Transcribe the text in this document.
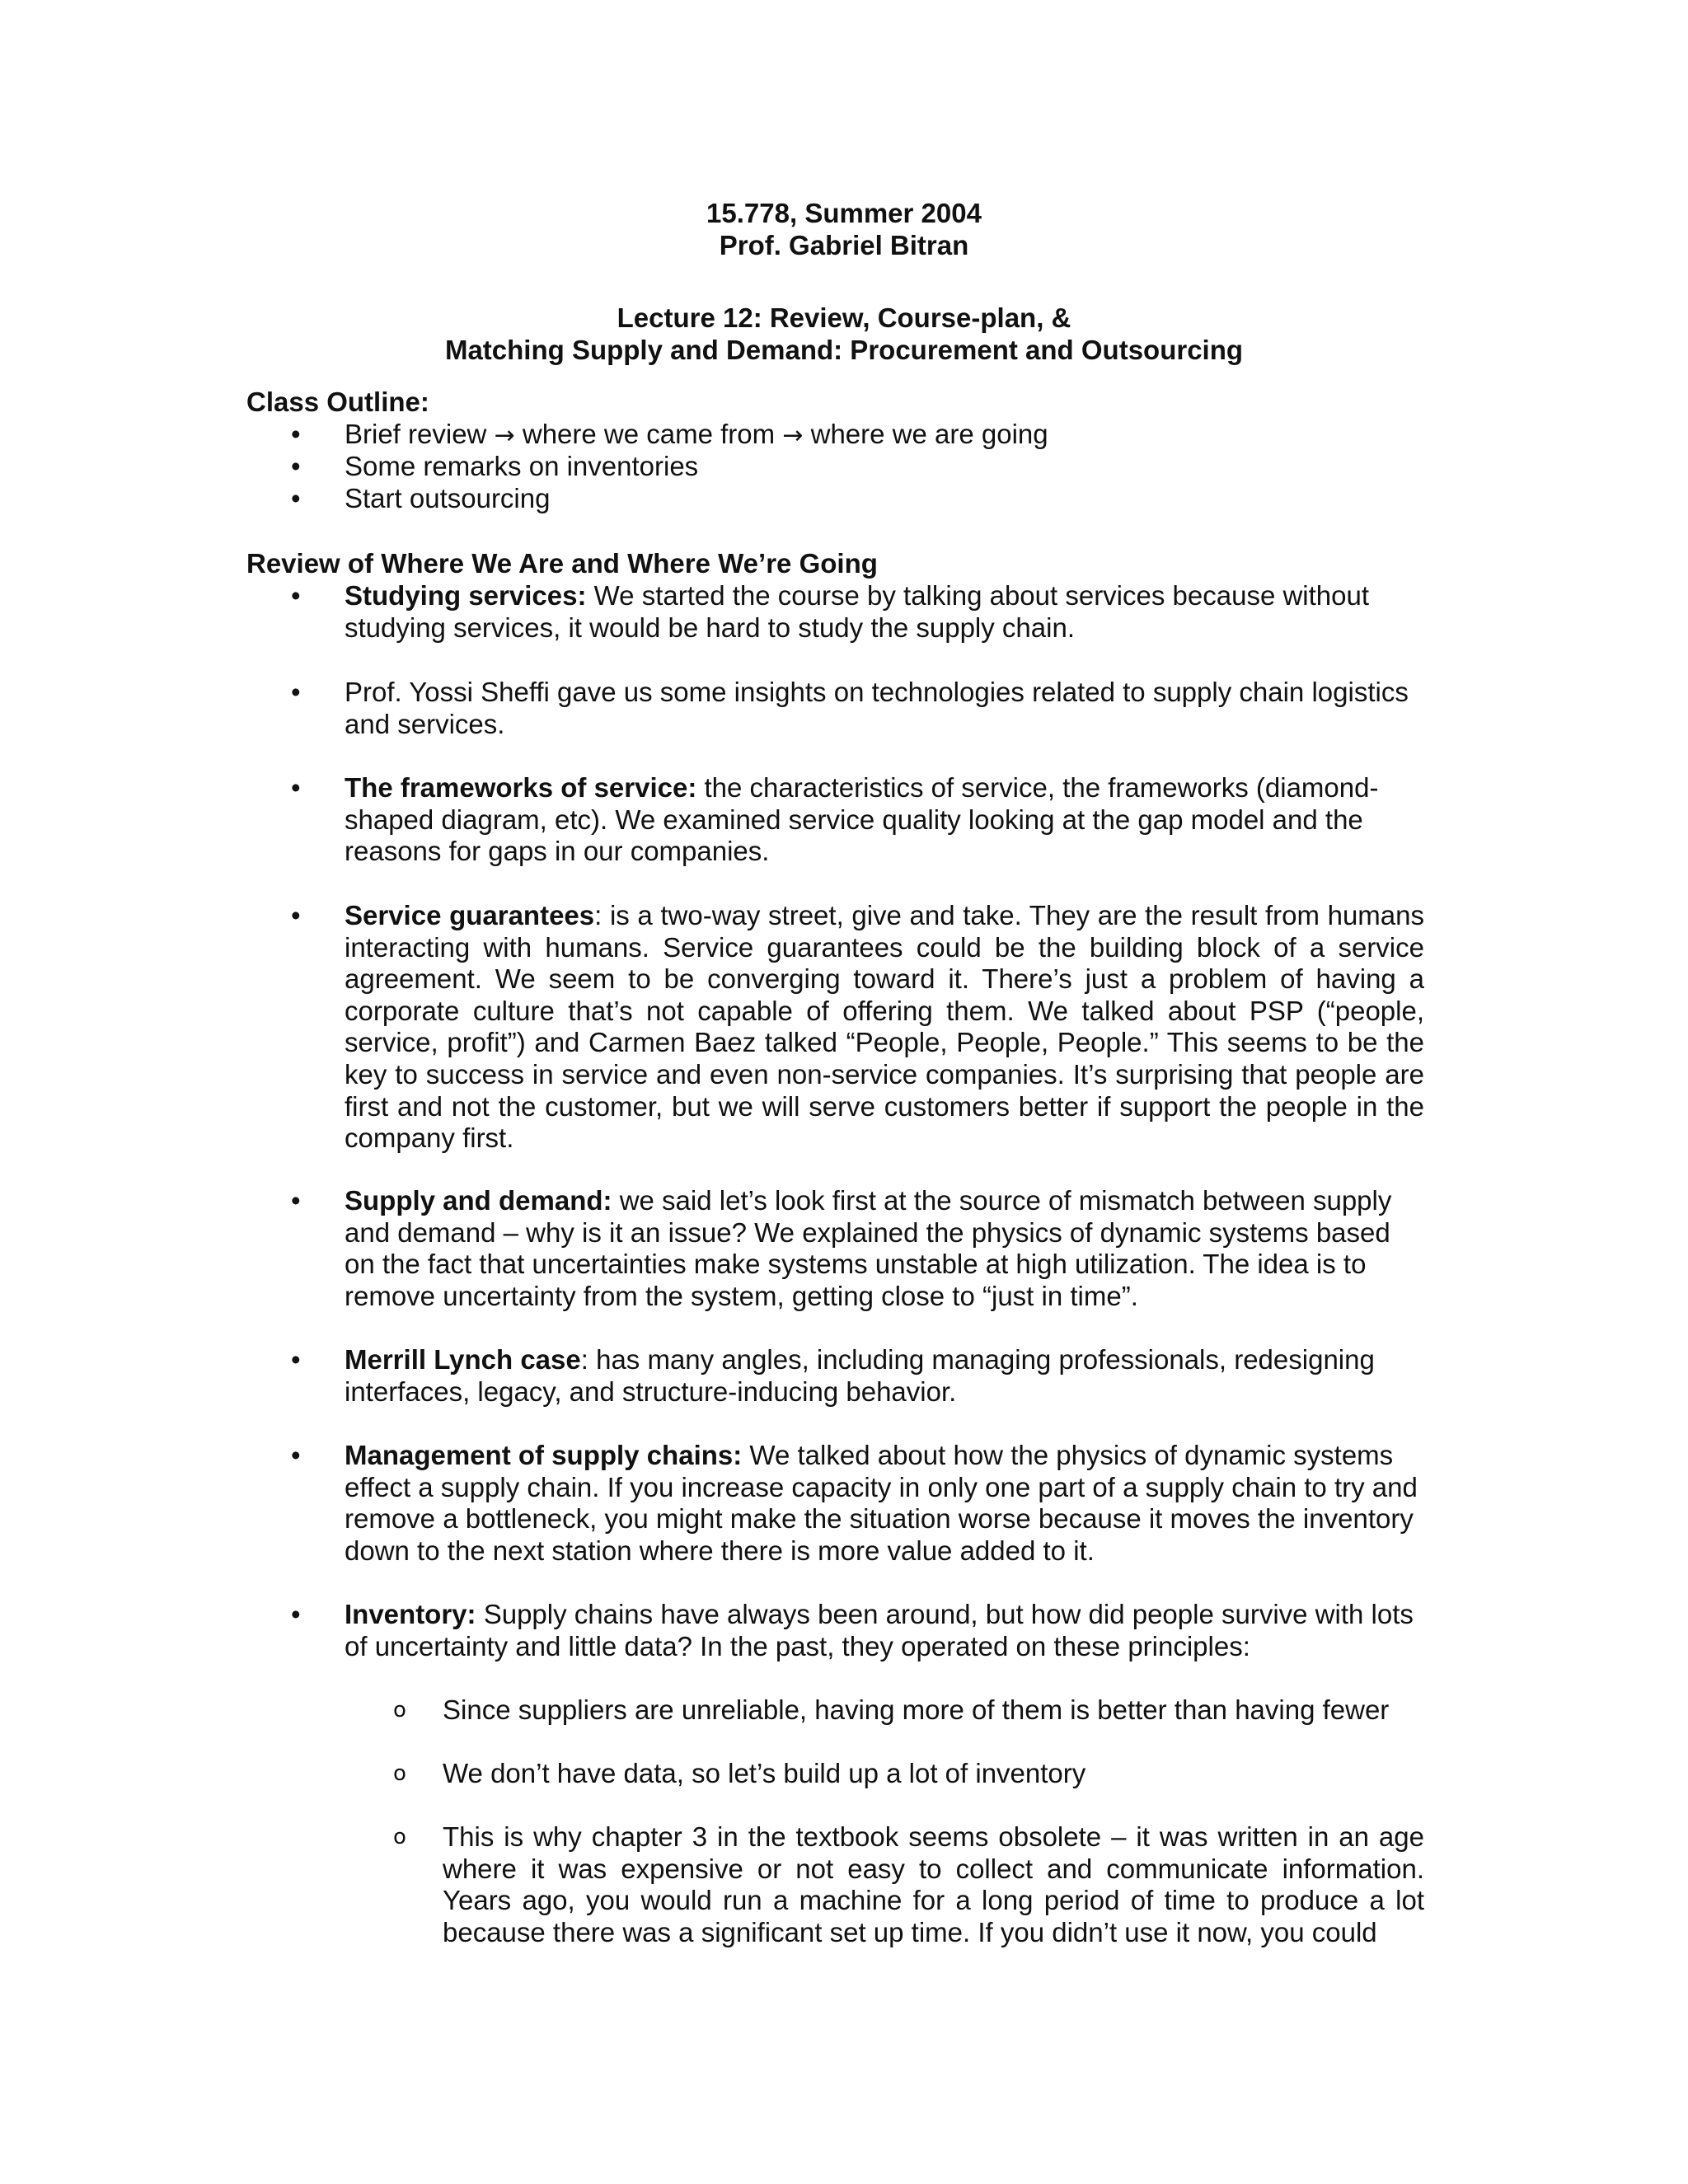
15.778, Summer 2004

Prof. Gabriel Bitran

Lecture 12: Review, Course-plan, &

Matching Supply and Demand: Procurement and Outsourcing

Class Outline:

• Brief review → where we came from → where we are going
• Some remarks on inventories
• Start outsourcing

Review of Where We Are and Where We’re Going

• Studying services: We started the course by talking about services because without studying services, it would be hard to study the supply chain.

• Prof. Yossi Sheffi gave us some insights on technologies related to supply chain logistics and services.

• The frameworks of service: the characteristics of service, the frameworks (diamond-shaped diagram, etc). We examined service quality looking at the gap model and the reasons for gaps in our companies.

• Service guarantees: is a two-way street, give and take. They are the result from humans interacting with humans. Service guarantees could be the building block of a service agreement. We seem to be converging toward it. There’s just a problem of having a corporate culture that’s not capable of offering them. We talked about PSP (“people, service, profit”) and Carmen Baez talked “People, People, People.” This seems to be the key to success in service and even non-service companies. It’s surprising that people are first and not the customer, but we will serve customers better if support the people in the company first.

• Supply and demand: we said let’s look first at the source of mismatch between supply and demand – why is it an issue? We explained the physics of dynamic systems based on the fact that uncertainties make systems unstable at high utilization. The idea is to remove uncertainty from the system, getting close to “just in time”.

• Merrill Lynch case: has many angles, including managing professionals, redesigning interfaces, legacy, and structure-inducing behavior.

• Management of supply chains: We talked about how the physics of dynamic systems effect a supply chain. If you increase capacity in only one part of a supply chain to try and remove a bottleneck, you might make the situation worse because it moves the inventory down to the next station where there is more value added to it.

• Inventory: Supply chains have always been around, but how did people survive with lots of uncertainty and little data? In the past, they operated on these principles:

o Since suppliers are unreliable, having more of them is better than having fewer

o We don’t have data, so let’s build up a lot of inventory

o This is why chapter 3 in the textbook seems obsolete – it was written in an age where it was expensive or not easy to collect and communicate information. Years ago, you would run a machine for a long period of time to produce a lot because there was a significant set up time. If you didn’t use it now, you could
